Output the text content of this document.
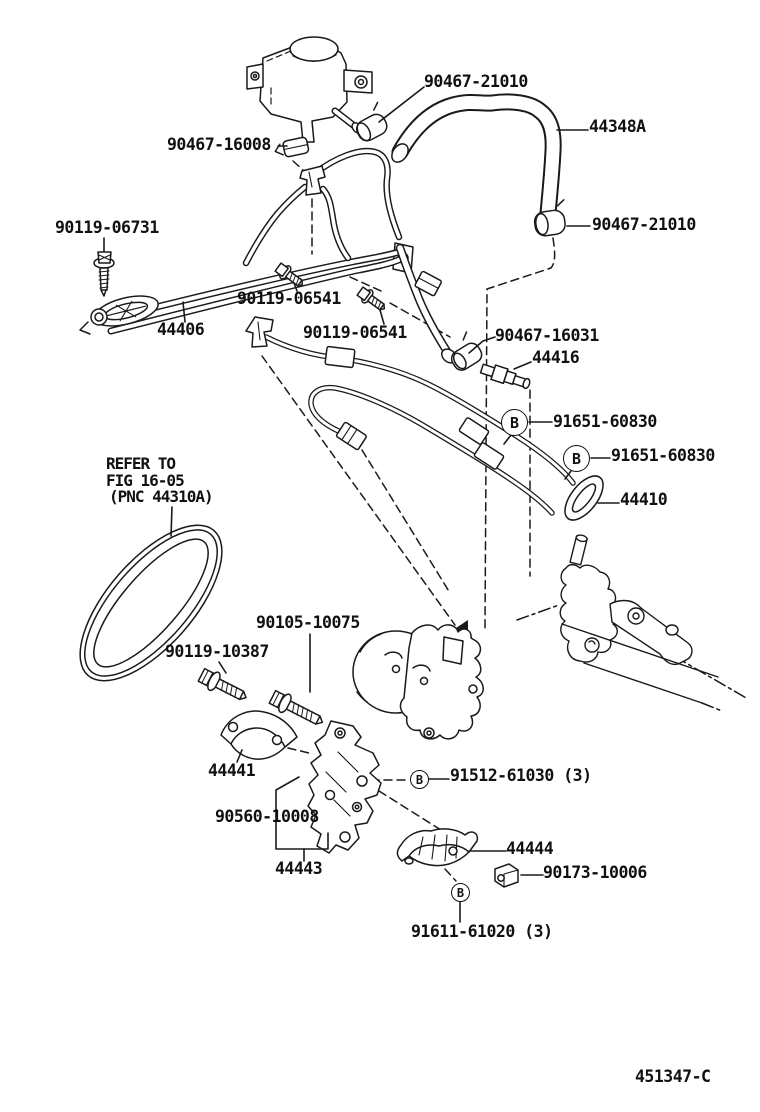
90467-21010
44348A
90467-16008
90467-21010
90119-06731
90119-06541
44406	90119-06541	90467-16031
44416
91651-60830
91651-60830
44410
REFER TO
FIG 16-05
(PNC 44310A)
90105-10075
90119-10387
44441	91512-61030 (3)
90560-10008
44443
44444
90173-10006
91611-61020 (3)
451347-C
B
B
B
B
